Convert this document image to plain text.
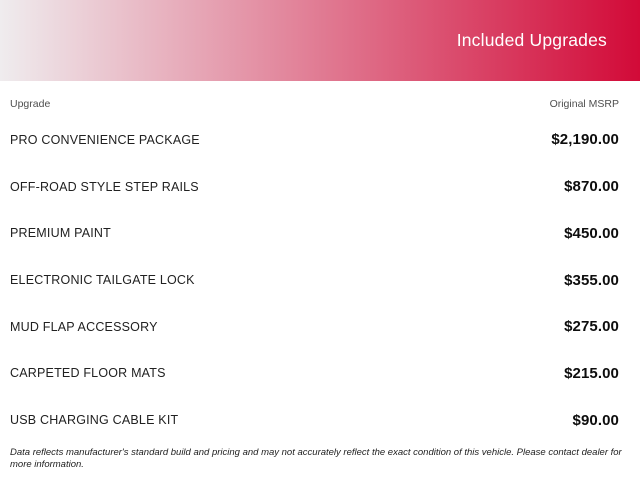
Included Upgrades
Upgrade	Original MSRP
PRO CONVENIENCE PACKAGE	$2,190.00
OFF-ROAD STYLE STEP RAILS	$870.00
PREMIUM PAINT	$450.00
ELECTRONIC TAILGATE LOCK	$355.00
MUD FLAP ACCESSORY	$275.00
CARPETED FLOOR MATS	$215.00
USB CHARGING CABLE KIT	$90.00
Data reflects manufacturer's standard build and pricing and may not accurately reflect the exact condition of this vehicle. Please contact dealer for more information.
